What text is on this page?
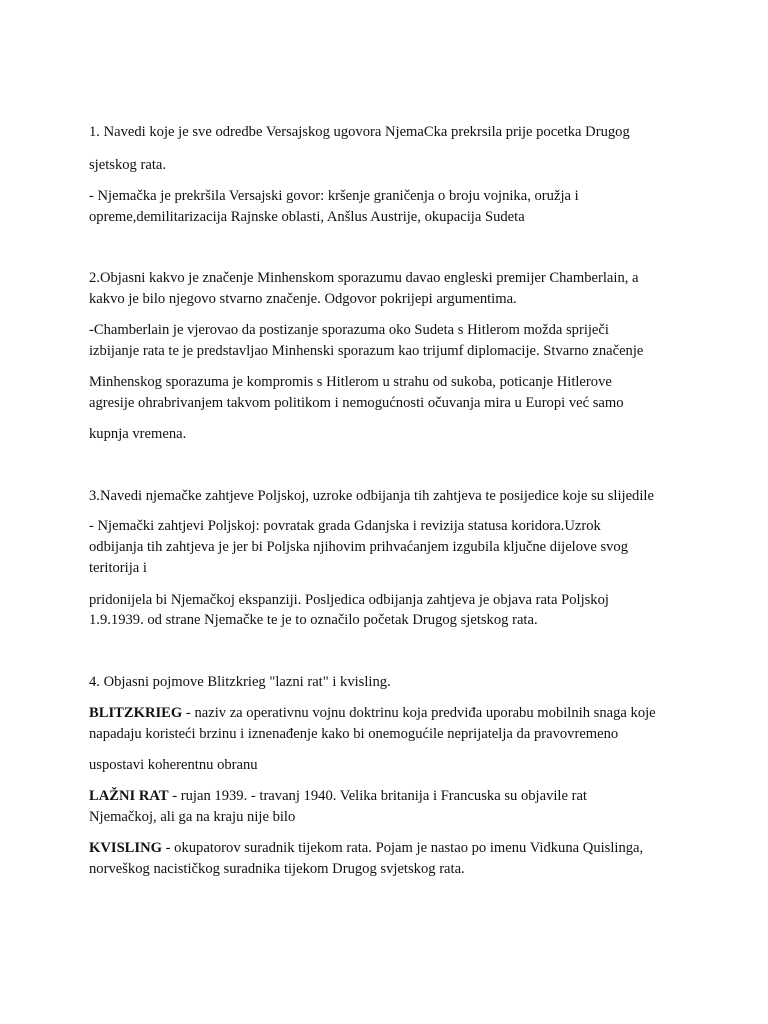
1. Navedi koje je sve odredbe Versajskog ugovora NjemaCka prekrsila prije pocetka Drugog

sjetskog rata.

- Njemačka je prekršila Versajski govor: kršenje graničenja o broju vojnika, oružja i

opreme,demilitarizacija Rajnske oblasti, Anšlus Austrije, okupacija Sudeta

2.Objasni kakvo je značenje Minhenskom sporazumu davao engleski premijer Chamberlain, a

kakvo je bilo njegovo stvarno značenje. Odgovor pokrijepi argumentima.

-Chamberlain je vjerovao da postizanje sporazuma oko Sudeta s Hitlerom možda spriječi

izbijanje rata te je predstavljao Minhenski sporazum kao trijumf diplomacije. Stvarno značenje

Minhenskog sporazuma je kompromis s Hitlerom u strahu od sukoba, poticanje Hitlerove

agresije ohrabrivanjem takvom politikom i nemogućnosti očuvanja mira u Europi već samo

kupnja vremena.

3.Navedi njemačke zahtjeve Poljskoj, uzroke odbijanja tih zahtjeva te posijedice koje su slijedile

- Njemački zahtjevi Poljskoj: povratak grada Gdanjska i revizija statusa koridora.Uzrok

odbijanja tih zahtjeva je jer bi Poljska njihovim prihvaćanjem izgubila ključne dijelove svog

teritorija i

pridonijela bi Njemačkoj ekspanziji. Posljedica odbijanja zahtjeva je objava rata Poljskoj

1.9.1939. od strane Njemačke te je to označilo početak Drugog sjetskog rata.

4. Objasni pojmove Blitzkrieg "lazni rat" i kvisling.

BLITZKRIEG - naziv za operativnu vojnu doktrinu koja predviđa uporabu mobilnih snaga koje

napadaju koristeći brzinu i iznenađenje kako bi onemogućile neprijatelja da pravovremeno

uspostavi koherentnu obranu

LAŽNI RAT - rujan 1939. - travanj 1940. Velika britanija i Francuska su objavile rat

Njemačkoj, ali ga na kraju nije bilo

KVISLING - okupatorov suradnik tijekom rata. Pojam je nastao po imenu Vidkuna Quislinga,

norveškog nacističkog suradnika tijekom Drugog svjetskog rata.
